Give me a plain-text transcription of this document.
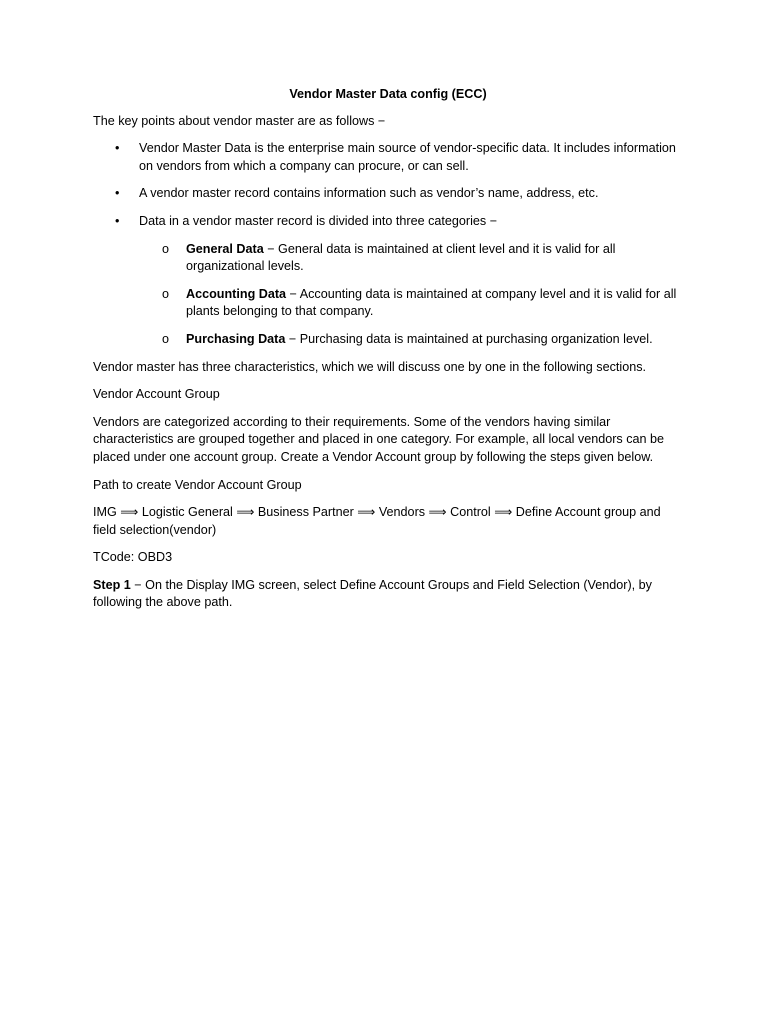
Vendor Master Data config (ECC)

The key points about vendor master are as follows −

• Vendor Master Data is the enterprise main source of vendor-specific data. It includes information on vendors from which a company can procure, or can sell.
• A vendor master record contains information such as vendor’s name, address, etc.
• Data in a vendor master record is divided into three categories −
o General Data − General data is maintained at client level and it is valid for all organizational levels.
o Accounting Data − Accounting data is maintained at company level and it is valid for all plants belonging to that company.
o Purchasing Data − Purchasing data is maintained at purchasing organization level.

Vendor master has three characteristics, which we will discuss one by one in the following sections.

Vendor Account Group

Vendors are categorized according to their requirements. Some of the vendors having similar characteristics are grouped together and placed in one category. For example, all local vendors can be placed under one account group. Create a Vendor Account group by following the steps given below.

Path to create Vendor Account Group

IMG ⟹ Logistic General ⟹ Business Partner ⟹ Vendors ⟹ Control ⟹ Define Account group and field selection(vendor)

TCode: OBD3

Step 1 − On the Display IMG screen, select Define Account Groups and Field Selection (Vendor), by following the above path.
